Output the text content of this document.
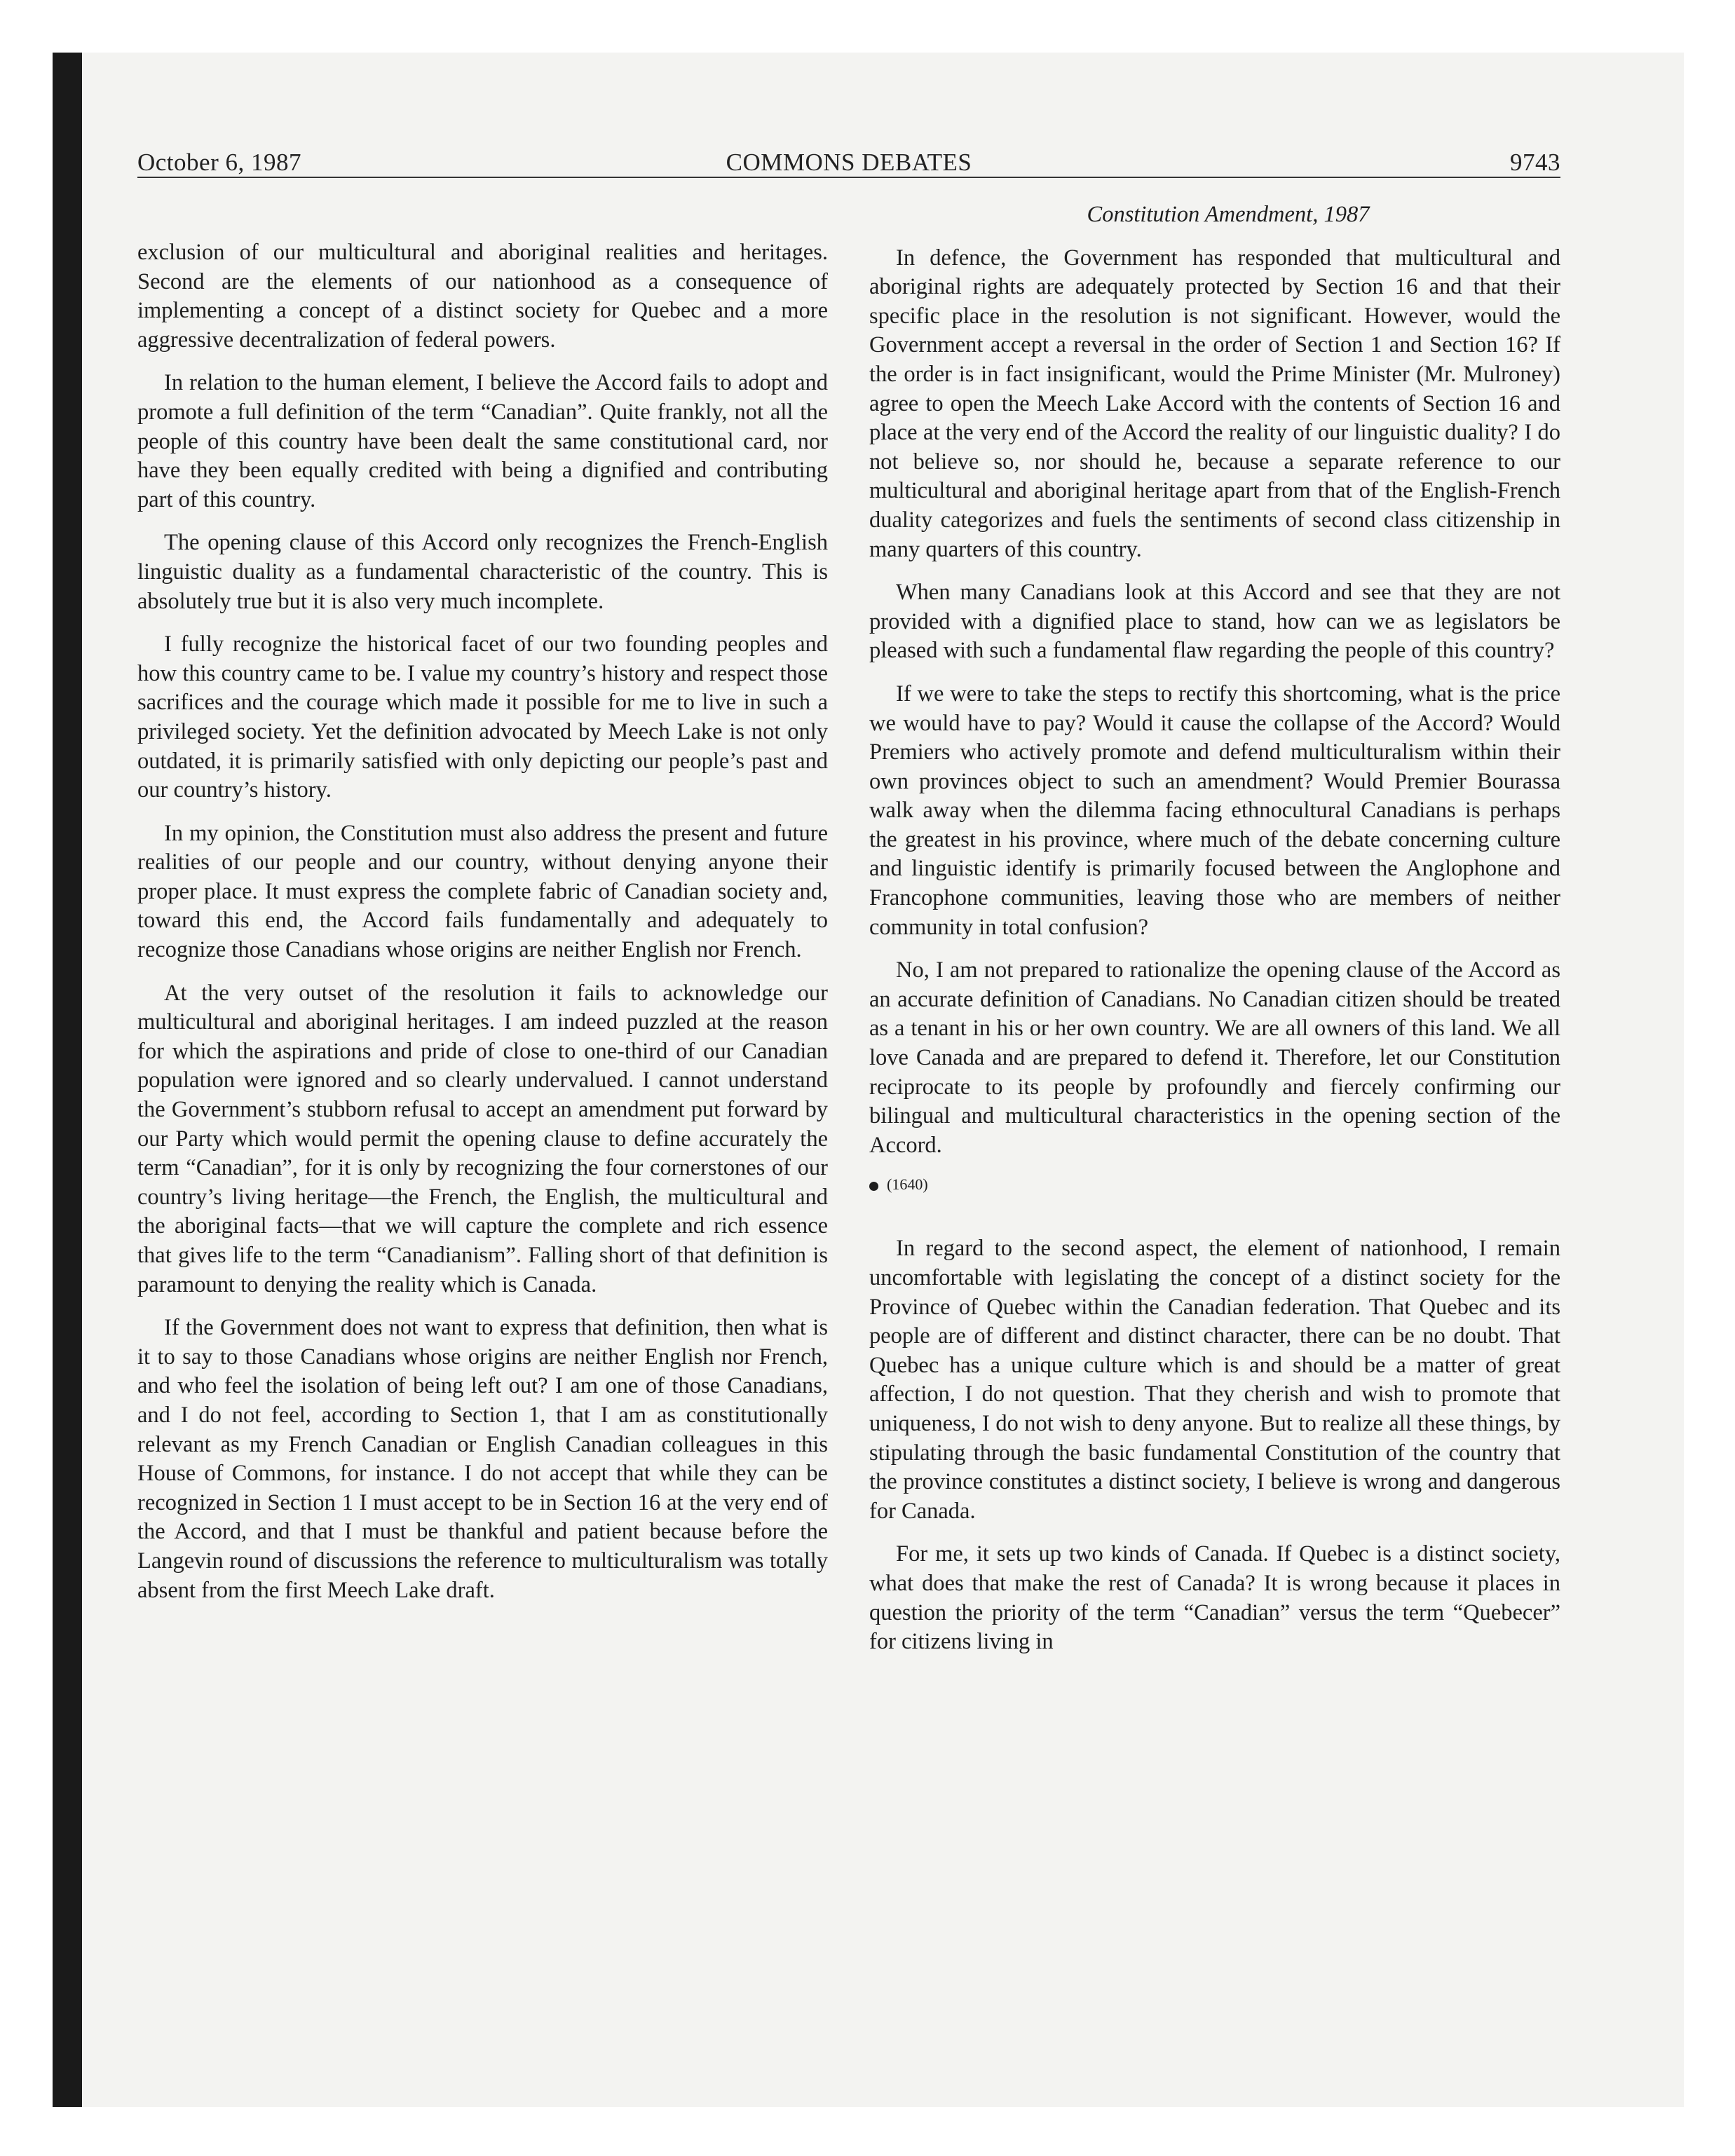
October 6, 1987	COMMONS DEBATES	9743

exclusion of our multicultural and aboriginal realities and heritages. Second are the elements of our nationhood as a consequence of implementing a concept of a distinct society for Quebec and a more aggressive decentralization of federal powers.

In relation to the human element, I believe the Accord fails to adopt and promote a full definition of the term “Canadian”. Quite frankly, not all the people of this country have been dealt the same constitutional card, nor have they been equally credited with being a dignified and contributing part of this country.

The opening clause of this Accord only recognizes the French-English linguistic duality as a fundamental characteristic of the country. This is absolutely true but it is also very much incomplete.

I fully recognize the historical facet of our two founding peoples and how this country came to be. I value my country’s history and respect those sacrifices and the courage which made it possible for me to live in such a privileged society. Yet the definition advocated by Meech Lake is not only outdated, it is primarily satisfied with only depicting our people’s past and our country’s history.

In my opinion, the Constitution must also address the present and future realities of our people and our country, without denying anyone their proper place. It must express the complete fabric of Canadian society and, toward this end, the Accord fails fundamentally and adequately to recognize those Canadians whose origins are neither English nor French.

At the very outset of the resolution it fails to acknowledge our multicultural and aboriginal heritages. I am indeed puzzled at the reason for which the aspirations and pride of close to one-third of our Canadian population were ignored and so clearly undervalued. I cannot understand the Government’s stubborn refusal to accept an amendment put forward by our Party which would permit the opening clause to define accurately the term “Canadian”, for it is only by recognizing the four cornerstones of our country’s living heritage—the French, the English, the multicultural and the aboriginal facts—that we will capture the complete and rich essence that gives life to the term “Canadianism”. Falling short of that definition is paramount to denying the reality which is Canada.

If the Government does not want to express that definition, then what is it to say to those Canadians whose origins are neither English nor French, and who feel the isolation of being left out? I am one of those Canadians, and I do not feel, according to Section 1, that I am as constitutionally relevant as my French Canadian or English Canadian colleagues in this House of Commons, for instance. I do not accept that while they can be recognized in Section 1 I must accept to be in Section 16 at the very end of the Accord, and that I must be thankful and patient because before the Langevin round of discussions the reference to multiculturalism was totally absent from the first Meech Lake draft.

Constitution Amendment, 1987

In defence, the Government has responded that multicultural and aboriginal rights are adequately protected by Section 16 and that their specific place in the resolution is not significant. However, would the Government accept a reversal in the order of Section 1 and Section 16? If the order is in fact insignificant, would the Prime Minister (Mr. Mulroney) agree to open the Meech Lake Accord with the contents of Section 16 and place at the very end of the Accord the reality of our linguistic duality? I do not believe so, nor should he, because a separate reference to our multicultural and aboriginal heritage apart from that of the English-French duality categorizes and fuels the sentiments of second class citizenship in many quarters of this country.

When many Canadians look at this Accord and see that they are not provided with a dignified place to stand, how can we as legislators be pleased with such a fundamental flaw regarding the people of this country?

If we were to take the steps to rectify this shortcoming, what is the price we would have to pay? Would it cause the collapse of the Accord? Would Premiers who actively promote and defend multiculturalism within their own provinces object to such an amendment? Would Premier Bourassa walk away when the dilemma facing ethnocultural Canadians is perhaps the greatest in his province, where much of the debate concerning culture and linguistic identify is primarily focused between the Anglophone and Francophone communities, leaving those who are members of neither community in total confusion?

No, I am not prepared to rationalize the opening clause of the Accord as an accurate definition of Canadians. No Canadian citizen should be treated as a tenant in his or her own country. We are all owners of this land. We all love Canada and are prepared to defend it. Therefore, let our Constitution reciprocate to its people by profoundly and fiercely confirming our bilingual and multicultural characteristics in the opening section of the Accord.

(1640)

In regard to the second aspect, the element of nationhood, I remain uncomfortable with legislating the concept of a distinct society for the Province of Quebec within the Canadian federation. That Quebec and its people are of different and distinct character, there can be no doubt. That Quebec has a unique culture which is and should be a matter of great affection, I do not question. That they cherish and wish to promote that uniqueness, I do not wish to deny anyone. But to realize all these things, by stipulating through the basic fundamental Constitution of the country that the province constitutes a distinct society, I believe is wrong and dangerous for Canada.

For me, it sets up two kinds of Canada. If Quebec is a distinct society, what does that make the rest of Canada? It is wrong because it places in question the priority of the term “Canadian” versus the term “Quebecer” for citizens living in
